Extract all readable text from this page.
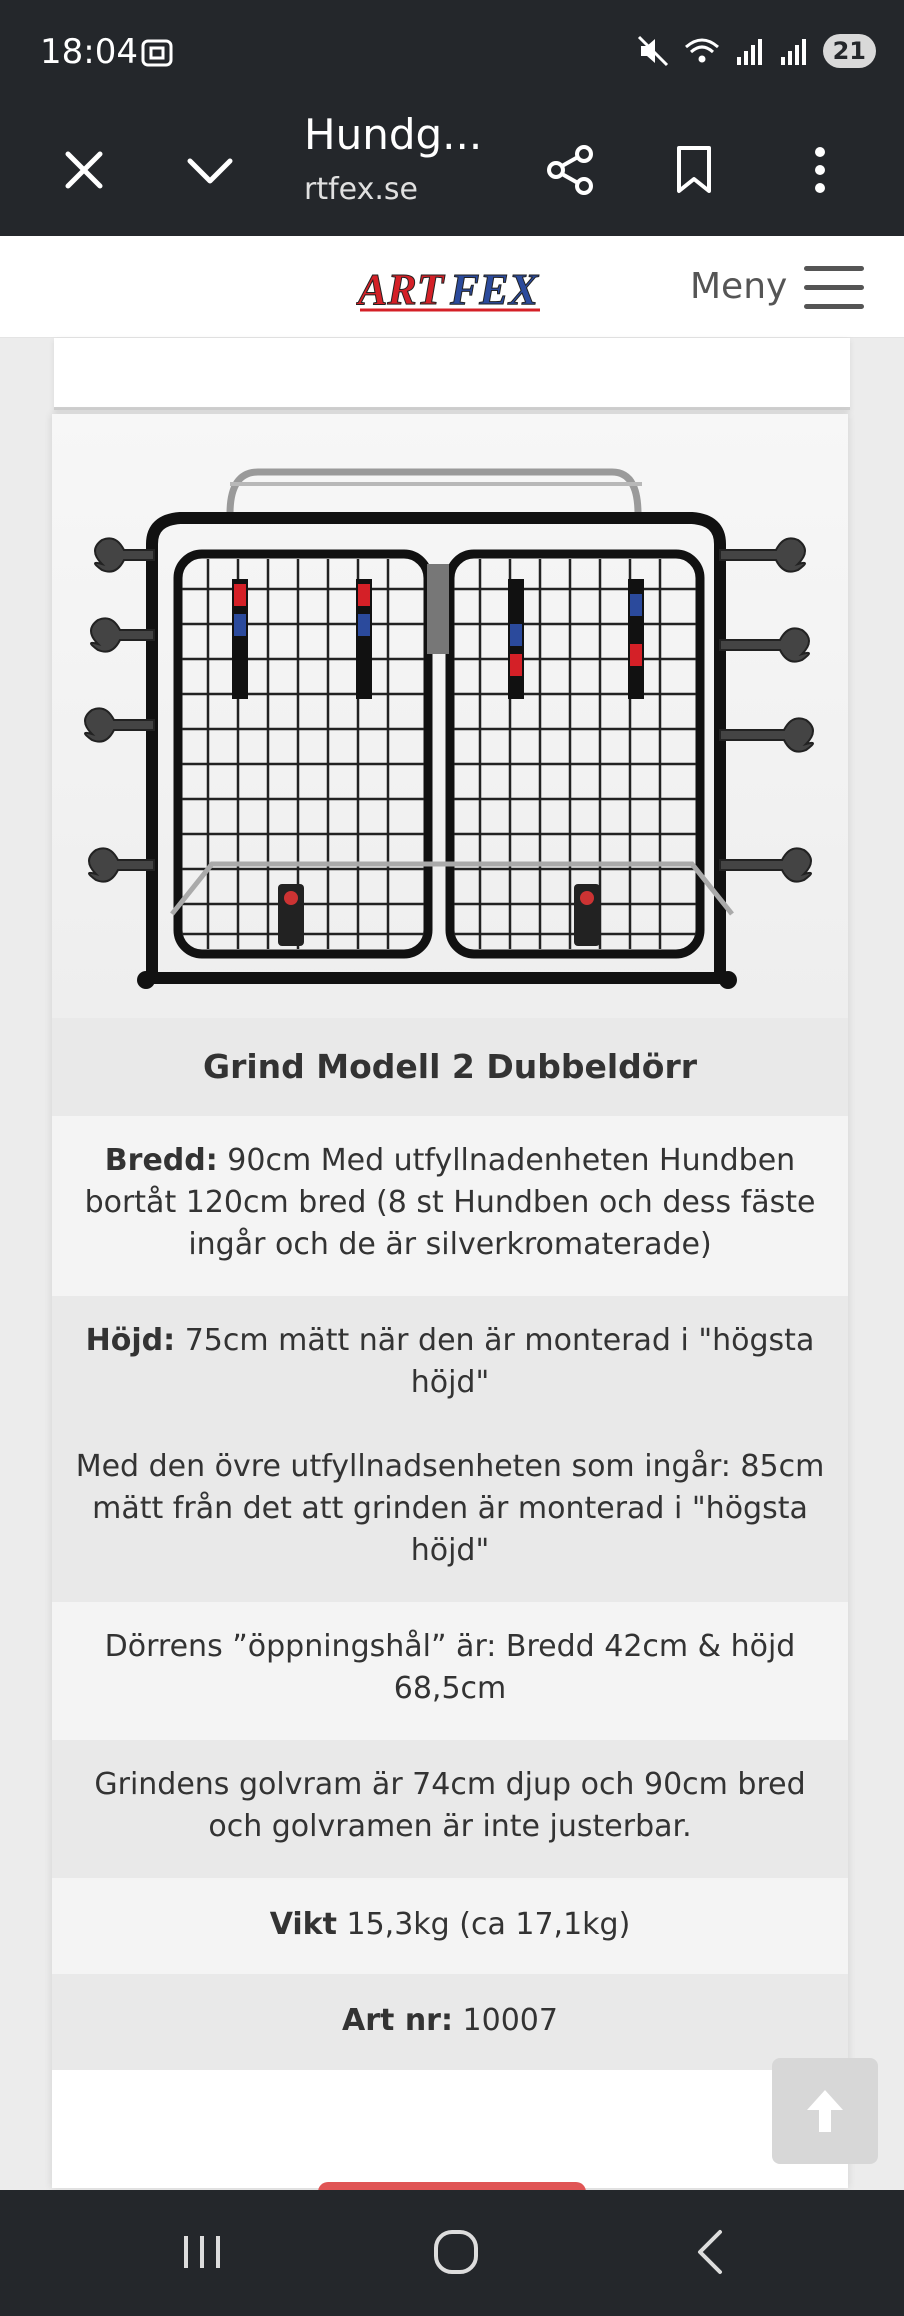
18:04	21
Hundg...
rtfex.se
ART FEX	Meny
Grind Modell 2 Dubbeldörr
Bredd: 90cm Med utfyllnadenheten Hundben bortåt 120cm bred (8 st Hundben och dess fäste ingår och de är silverkromaterade)
Höjd: 75cm mätt när den är monterad i "högsta höjd"
Med den övre utfyllnadsenheten som ingår: 85cm mätt från det att grinden är monterad i "högsta höjd"
Dörrens ”öppningshål” är: Bredd 42cm & höjd 68,5cm
Grindens golvram är 74cm djup och 90cm bred och golvramen är inte justerbar.
Vikt 15,3kg (ca 17,1kg)
Art nr: 10007
